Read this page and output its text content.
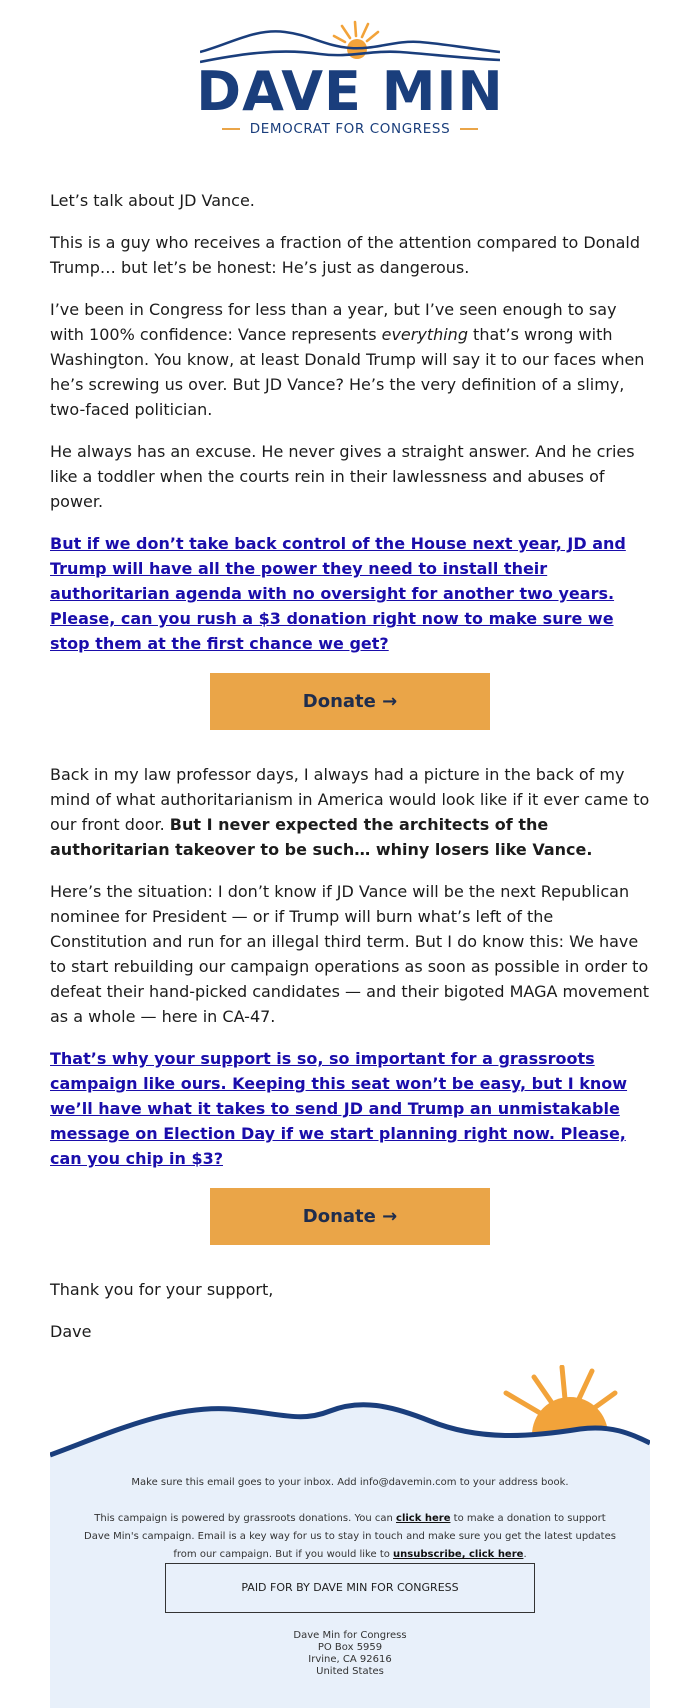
DAVE MIN
DEMOCRAT FOR CONGRESS

Let’s talk about JD Vance.

This is a guy who receives a fraction of the attention compared to Donald Trump… but let’s be honest: He’s just as dangerous.

I’ve been in Congress for less than a year, but I’ve seen enough to say with 100% confidence: Vance represents everything that’s wrong with Washington. You know, at least Donald Trump will say it to our faces when he’s screwing us over. But JD Vance? He’s the very definition of a slimy, two-faced politician.

He always has an excuse. He never gives a straight answer. And he cries like a toddler when the courts rein in their lawlessness and abuses of power.

But if we don’t take back control of the House next year, JD and Trump will have all the power they need to install their authoritarian agenda with no oversight for another two years. Please, can you rush a $3 donation right now to make sure we stop them at the first chance we get?

Donate →

Back in my law professor days, I always had a picture in the back of my mind of what authoritarianism in America would look like if it ever came to our front door. But I never expected the architects of the authoritarian takeover to be such… whiny losers like Vance.

Here’s the situation: I don’t know if JD Vance will be the next Republican nominee for President — or if Trump will burn what’s left of the Constitution and run for an illegal third term. But I do know this: We have to start rebuilding our campaign operations as soon as possible in order to defeat their hand-picked candidates — and their bigoted MAGA movement as a whole — here in CA-47.

That’s why your support is so, so important for a grassroots campaign like ours. Keeping this seat won’t be easy, but I know we’ll have what it takes to send JD and Trump an unmistakable message on Election Day if we start planning right now. Please, can you chip in $3?

Donate →

Thank you for your support,

Dave

Make sure this email goes to your inbox. Add info@davemin.com to your address book.
This campaign is powered by grassroots donations. You can click here to make a donation to support Dave Min's campaign. Email is a key way for us to stay in touch and make sure you get the latest updates from our campaign. But if you would like to unsubscribe, click here.
PAID FOR BY DAVE MIN FOR CONGRESS
Dave Min for Congress
PO Box 5959
Irvine, CA 92616
United States
